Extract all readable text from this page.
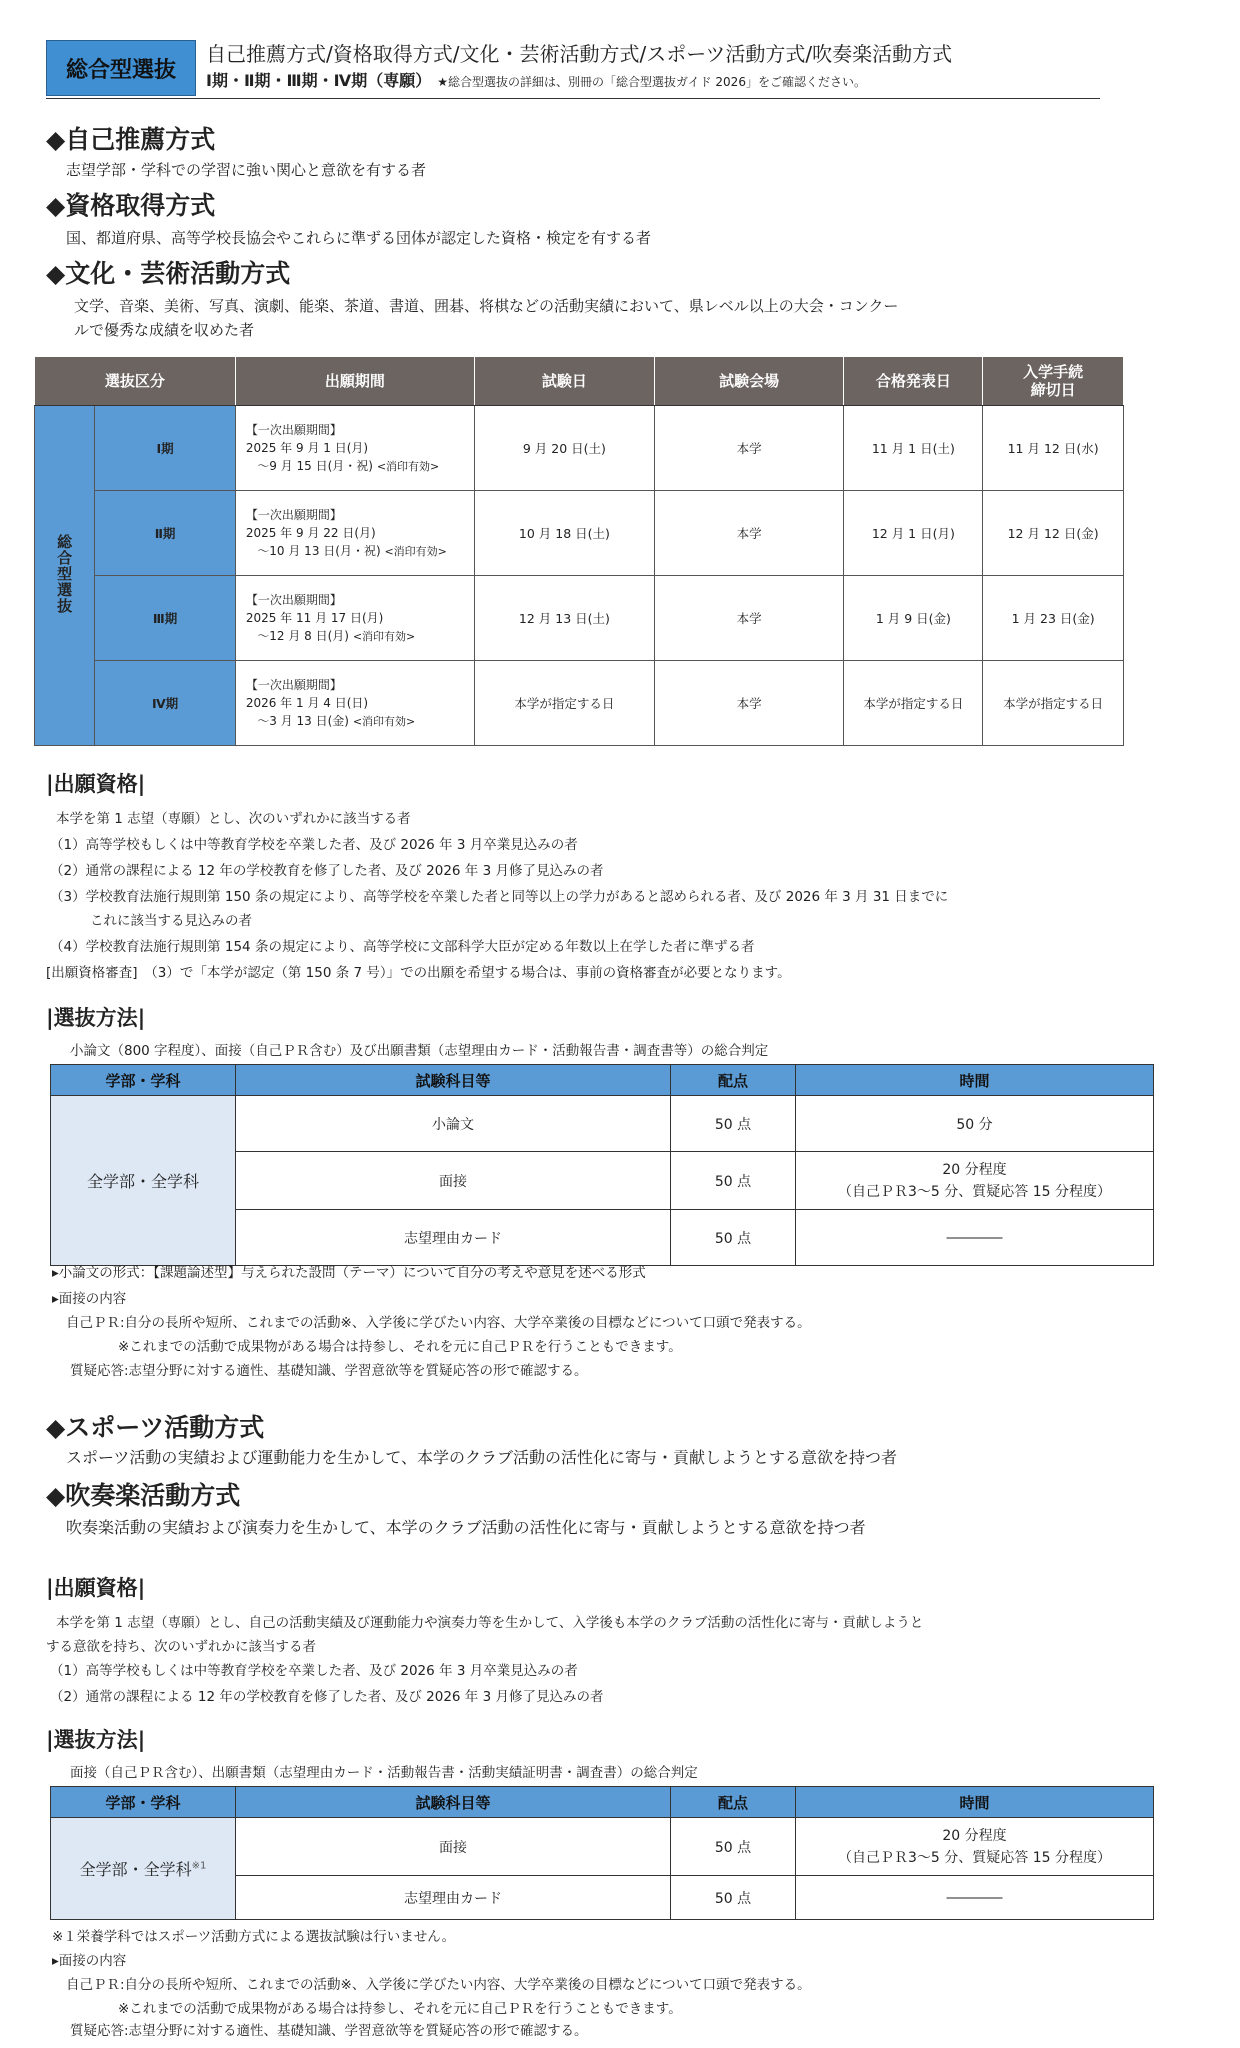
総合型選抜
自己推薦方式/資格取得方式/文化・芸術活動方式/スポーツ活動方式/吹奏楽活動方式
Ⅰ期・Ⅱ期・Ⅲ期・Ⅳ期（専願） ★総合型選抜の詳細は、別冊の「総合型選抜ガイド 2026」をご確認ください。
◆自己推薦方式
志望学部・学科での学習に強い関心と意欲を有する者
◆資格取得方式
国、都道府県、高等学校長協会やこれらに準ずる団体が認定した資格・検定を有する者
◆文化・芸術活動方式
文学、音楽、美術、写真、演劇、能楽、茶道、書道、囲碁、将棋などの活動実績において、県レベル以上の大会・コンクー
ルで優秀な成績を収めた者
選抜区分		出願期間	試験日	試験会場	合格発表日	入学手続
締切日
総合型選抜	Ⅰ期	【一次出願期間】
2025 年 9 月 1 日(月)
～9 月 15 日(月・祝) <消印有効>	9 月 20 日(土)	本学	11 月 1 日(土)	11 月 12 日(水)
	Ⅱ期	【一次出願期間】
2025 年 9 月 22 日(月)
～10 月 13 日(月・祝) <消印有効>	10 月 18 日(土)	本学	12 月 1 日(月)	12 月 12 日(金)
	Ⅲ期	【一次出願期間】
2025 年 11 月 17 日(月)
～12 月 8 日(月) <消印有効>	12 月 13 日(土)	本学	1 月 9 日(金)	1 月 23 日(金)
	Ⅳ期	【一次出願期間】
2026 年 1 月 4 日(日)
～3 月 13 日(金) <消印有効>	本学が指定する日	本学	本学が指定する日	本学が指定する日
|出願資格|
本学を第 1 志望（専願）とし、次のいずれかに該当する者
（1）高等学校もしくは中等教育学校を卒業した者、及び 2026 年 3 月卒業見込みの者
（2）通常の課程による 12 年の学校教育を修了した者、及び 2026 年 3 月修了見込みの者
（3）学校教育法施行規則第 150 条の規定により、高等学校を卒業した者と同等以上の学力があると認められる者、及び 2026 年 3 月 31 日までに
これに該当する見込みの者
（4）学校教育法施行規則第 154 条の規定により、高等学校に文部科学大臣が定める年数以上在学した者に準ずる者
[出願資格審査]　（3）で「本学が認定（第 150 条 7 号）」での出願を希望する場合は、事前の資格審査が必要となります。
|選抜方法|
小論文（800 字程度）、面接（自己ＰＲ含む）及び出願書類（志望理由カード・活動報告書・調査書等）の総合判定
学部・学科	試験科目等	配点	時間
全学部・全学科	小論文	50 点	50 分
	面接	50 点	20 分程度
（自己ＰＲ3～5 分、質疑応答 15 分程度）
	志望理由カード	50 点	――――
▸小論文の形式：【課題論述型】与えられた設問（テーマ）について自分の考えや意見を述べる形式
▸面接の内容
自己ＰＲ:自分の長所や短所、これまでの活動※、入学後に学びたい内容、大学卒業後の目標などについて口頭で発表する。
※これまでの活動で成果物がある場合は持参し、それを元に自己ＰＲを行うこともできます。
質疑応答:志望分野に対する適性、基礎知識、学習意欲等を質疑応答の形で確認する。
◆スポーツ活動方式
スポーツ活動の実績および運動能力を生かして、本学のクラブ活動の活性化に寄与・貢献しようとする意欲を持つ者
◆吹奏楽活動方式
吹奏楽活動の実績および演奏力を生かして、本学のクラブ活動の活性化に寄与・貢献しようとする意欲を持つ者
|出願資格|
本学を第 1 志望（専願）とし、自己の活動実績及び運動能力や演奏力等を生かして、入学後も本学のクラブ活動の活性化に寄与・貢献しようと
する意欲を持ち、次のいずれかに該当する者
（1）高等学校もしくは中等教育学校を卒業した者、及び 2026 年 3 月卒業見込みの者
（2）通常の課程による 12 年の学校教育を修了した者、及び 2026 年 3 月修了見込みの者
|選抜方法|
面接（自己ＰＲ含む）、出願書類（志望理由カード・活動報告書・活動実績証明書・調査書）の総合判定
学部・学科	試験科目等	配点	時間
全学部・全学科$^{※1}$	面接	50 点	20 分程度
（自己ＰＲ3～5 分、質疑応答 15 分程度）
	志望理由カード	50 点	――――
※１栄養学科ではスポーツ活動方式による選抜試験は行いません。
▸面接の内容
自己ＰＲ:自分の長所や短所、これまでの活動※、入学後に学びたい内容、大学卒業後の目標などについて口頭で発表する。
※これまでの活動で成果物がある場合は持参し、それを元に自己ＰＲを行うこともできます。
質疑応答:志望分野に対する適性、基礎知識、学習意欲等を質疑応答の形で確認する。
